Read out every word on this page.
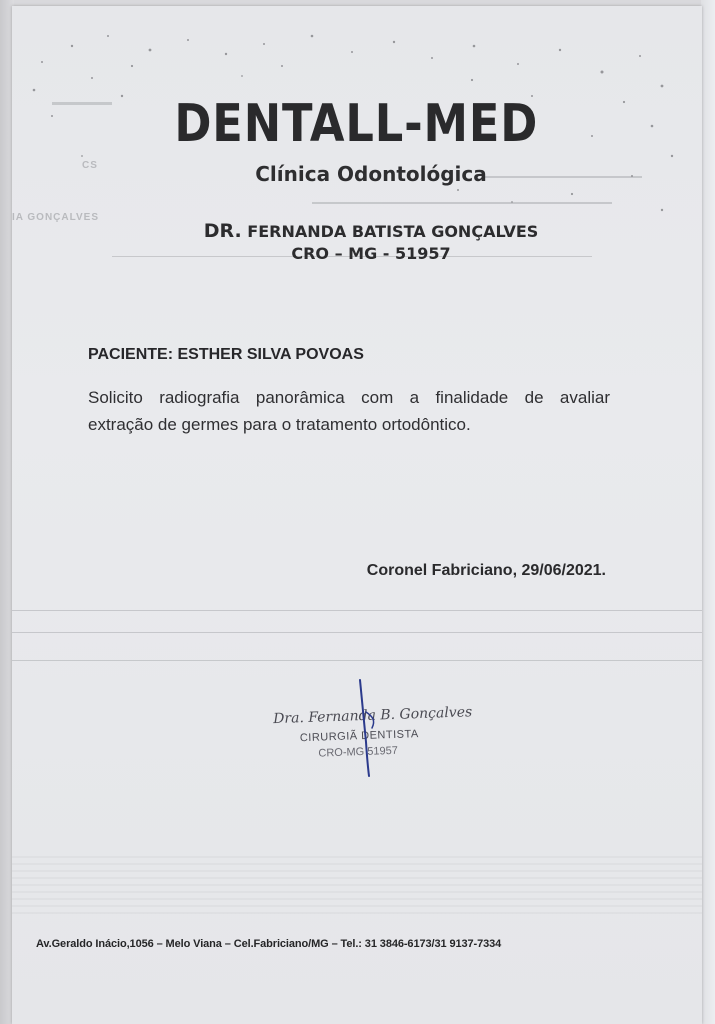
CS
IA GONÇALVES
DENTALL-MED
Clínica Odontológica
DR. FERNANDA BATISTA GONÇALVES
CRO – MG - 51957
PACIENTE: ESTHER SILVA POVOAS
Solicito radiografia panorâmica com a finalidade de avaliar
extração de germes para o tratamento ortodôntico.
Coronel Fabriciano, 29/06/2021.
Dra. Fernanda B. Gonçalves
CIRURGIÃ DENTISTA
CRO-MG 51957
Av.Geraldo Inácio,1056 – Melo Viana – Cel.Fabriciano/MG – Tel.: 31 3846-6173/31 9137-7334
